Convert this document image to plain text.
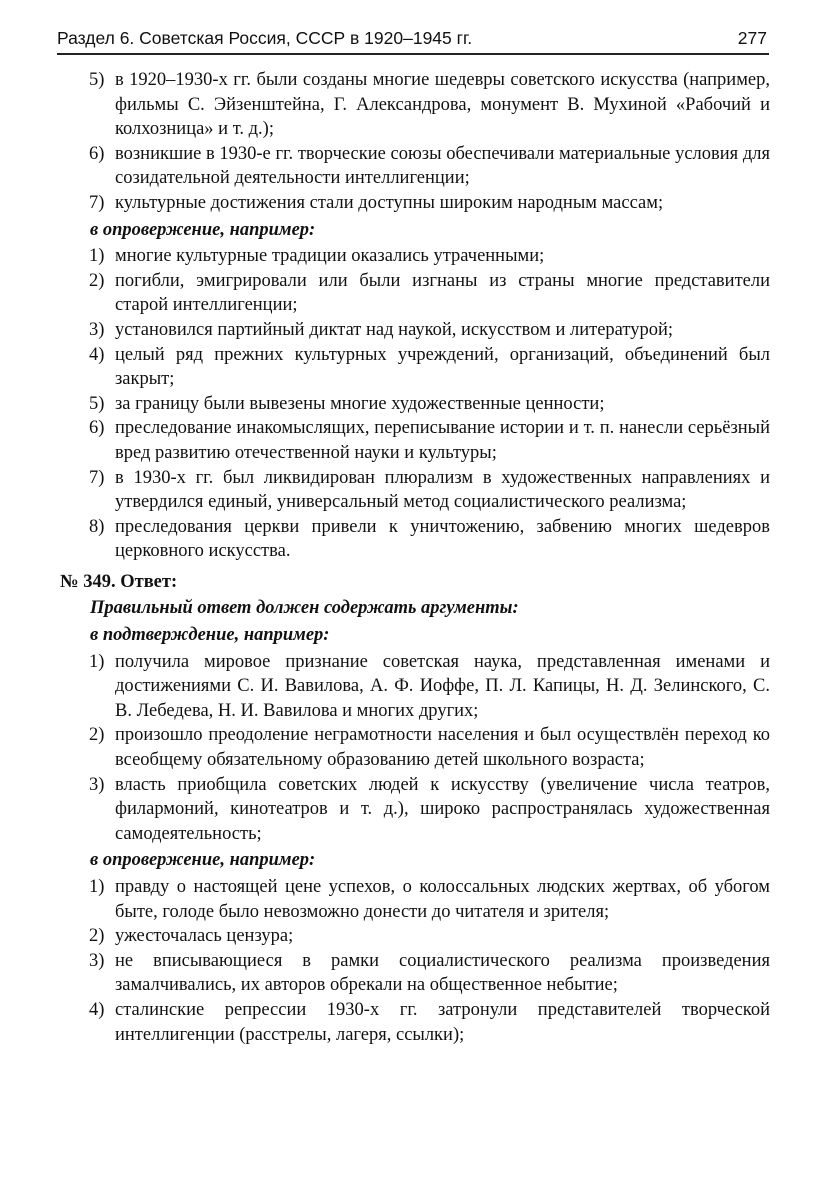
Раздел 6. Советская Россия, СССР в 1920–1945 гг.	277
5) в 1920–1930-х гг. были созданы многие шедевры советского искусства (например, фильмы С. Эйзенштейна, Г. Александрова, монумент В. Мухиной «Рабочий и колхозница» и т. д.);
6) возникшие в 1930-е гг. творческие союзы обеспечивали материальные условия для созидательной деятельности интеллигенции;
7) культурные достижения стали доступны широким народным массам;
в опровержение, например:
1) многие культурные традиции оказались утраченными;
2) погибли, эмигрировали или были изгнаны из страны многие представители старой интеллигенции;
3) установился партийный диктат над наукой, искусством и литературой;
4) целый ряд прежних культурных учреждений, организаций, объединений был закрыт;
5) за границу были вывезены многие художественные ценности;
6) преследование инакомыслящих, переписывание истории и т. п. нанесли серьёзный вред развитию отечественной науки и культуры;
7) в 1930-х гг. был ликвидирован плюрализм в художественных направлениях и утвердился единый, универсальный метод социалистического реализма;
8) преследования церкви привели к уничтожению, забвению многих шедевров церковного искусства.
№ 349. Ответ:
Правильный ответ должен содержать аргументы:
в подтверждение, например:
1) получила мировое признание советская наука, представленная именами и достижениями С. И. Вавилова, А. Ф. Иоффе, П. Л. Капицы, Н. Д. Зелинского, С. В. Лебедева, Н. И. Вавилова и многих других;
2) произошло преодоление неграмотности населения и был осуществлён переход ко всеобщему обязательному образованию детей школьного возраста;
3) власть приобщила советских людей к искусству (увеличение числа театров, филармоний, кинотеатров и т. д.), широко распространялась художественная самодеятельность;
в опровержение, например:
1) правду о настоящей цене успехов, о колоссальных людских жертвах, об убогом быте, голоде было невозможно донести до читателя и зрителя;
2) ужесточалась цензура;
3) не вписывающиеся в рамки социалистического реализма произведения замалчивались, их авторов обрекали на общественное небытие;
4) сталинские репрессии 1930-х гг. затронули представителей творческой интеллигенции (расстрелы, лагеря, ссылки);
